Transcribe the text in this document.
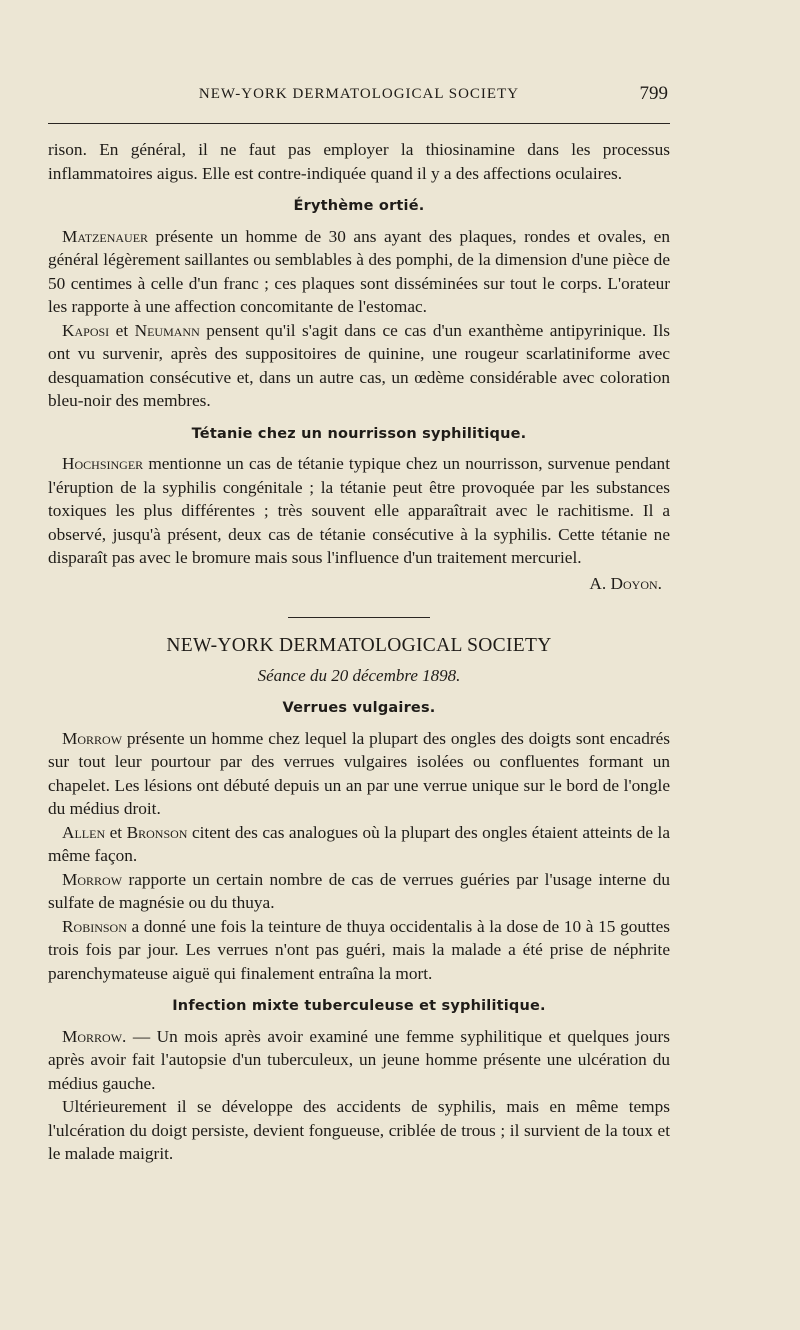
NEW-YORK DERMATOLOGICAL SOCIETY	799

rison. En général, il ne faut pas employer la thiosinamine dans les processus inflammatoires aigus. Elle est contre-indiquée quand il y a des affections oculaires.

Érythème ortié.

Matzenauer présente un homme de 30 ans ayant des plaques, rondes et ovales, en général légèrement saillantes ou semblables à des pomphi, de la dimension d'une pièce de 50 centimes à celle d'un franc ; ces plaques sont disséminées sur tout le corps. L'orateur les rapporte à une affection concomitante de l'estomac.

Kaposi et Neumann pensent qu'il s'agit dans ce cas d'un exanthème antipyrinique. Ils ont vu survenir, après des suppositoires de quinine, une rougeur scarlatiniforme avec desquamation consécutive et, dans un autre cas, un œdème considérable avec coloration bleu-noir des membres.

Tétanie chez un nourrisson syphilitique.

Hochsinger mentionne un cas de tétanie typique chez un nourrisson, survenue pendant l'éruption de la syphilis congénitale ; la tétanie peut être provoquée par les substances toxiques les plus différentes ; très souvent elle apparaîtrait avec le rachitisme. Il a observé, jusqu'à présent, deux cas de tétanie consécutive à la syphilis. Cette tétanie ne disparaît pas avec le bromure mais sous l'influence d'un traitement mercuriel.

A. Doyon.
NEW-YORK DERMATOLOGICAL SOCIETY
Séance du 20 décembre 1898.
Verrues vulgaires.

Morrow présente un homme chez lequel la plupart des ongles des doigts sont encadrés sur tout leur pourtour par des verrues vulgaires isolées ou confluentes formant un chapelet. Les lésions ont débuté depuis un an par une verrue unique sur le bord de l'ongle du médius droit.

Allen et Bronson citent des cas analogues où la plupart des ongles étaient atteints de la même façon.

Morrow rapporte un certain nombre de cas de verrues guéries par l'usage interne du sulfate de magnésie ou du thuya.

Robinson a donné une fois la teinture de thuya occidentalis à la dose de 10 à 15 gouttes trois fois par jour. Les verrues n'ont pas guéri, mais la malade a été prise de néphrite parenchymateuse aiguë qui finalement entraîna la mort.

Infection mixte tuberculeuse et syphilitique.

Morrow. — Un mois après avoir examiné une femme syphilitique et quelques jours après avoir fait l'autopsie d'un tuberculeux, un jeune homme présente une ulcération du médius gauche.

Ultérieurement il se développe des accidents de syphilis, mais en même temps l'ulcération du doigt persiste, devient fongueuse, criblée de trous ; il survient de la toux et le malade maigrit.
